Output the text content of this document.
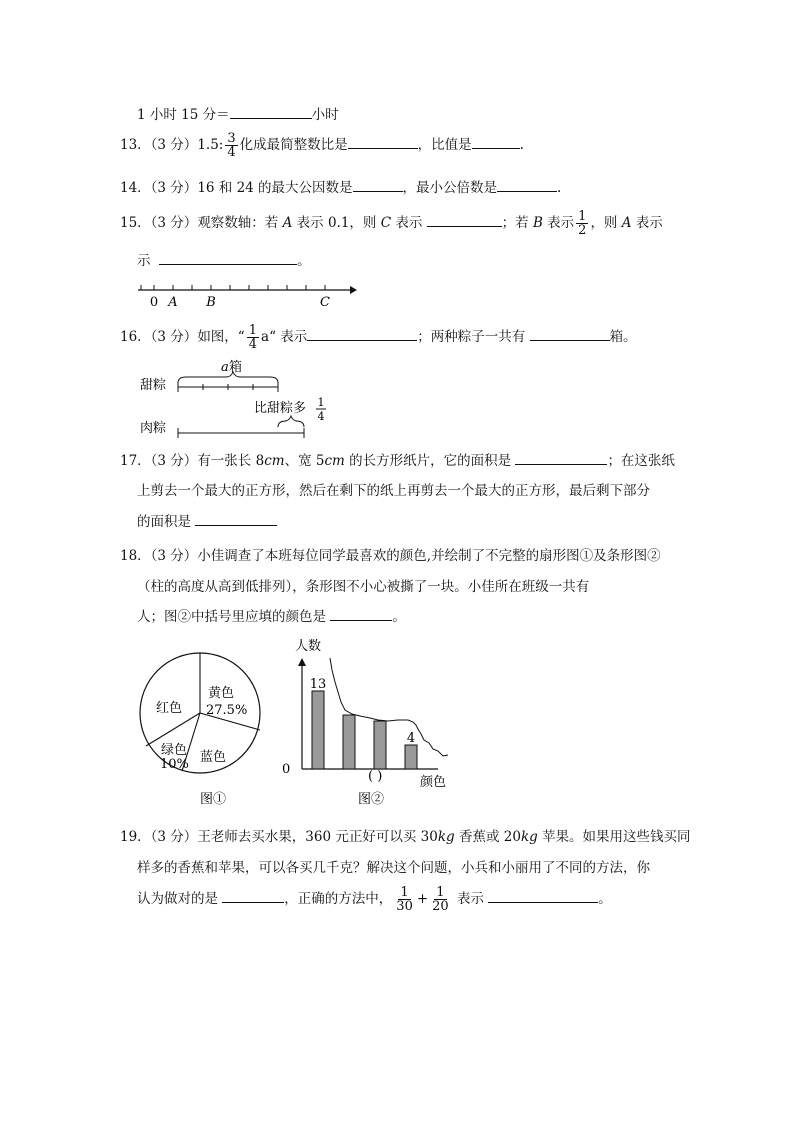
1 小时 15 分＝	小时
13．（3 分）1.5: $\frac{3}{4}$ 化成最简整数比是	，比值是	.
14．（3 分）16 和 24 的最大公因数是	，最小公倍数是	.
15．（3 分）观察数轴：若 A 表示 0.1，则 C 表示	；若 B 表示 $\frac{1}{2}$ ，则 A 表示
示	。
0 A B	C
16．（3 分）如图，“ $\frac{1}{4}$ a“ 表示	；两种粽子一共有	箱。
甜粽
肉粽
a 箱
比甜粽多 1
4
17．（3 分）有一张长 8cm、宽 5cm 的长方形纸片，它的面积是	；在这张纸
上剪去一个最大的正方形，然后在剩下的纸上再剪去一个最大的正方形，最后剩下部分
的面积是
18．（3 分）小佳调查了本班每位同学最喜欢的颜色,并绘制了不完整的扇形图①及条形图②
（柱的高度从高到低排列），条形图不小心被撕了一块。小佳所在班级一共有
人；图②中括号里应填的颜色是	。
红色
黄色
27.5%
绿色
10% 蓝色
图①
人数
0
13
4
( )	颜色
图②
19．（3 分）王老师去买水果，360 元正好可以买 30kg 香蕉或 20kg 苹果。如果用这些钱买同
样多的香蕉和苹果，可以各买几千克？解决这个问题，小兵和小丽用了不同的方法，你
认为做对的是	，正确的方法中， $\frac{1}{30} + \frac{1}{20}$ 表示	。
